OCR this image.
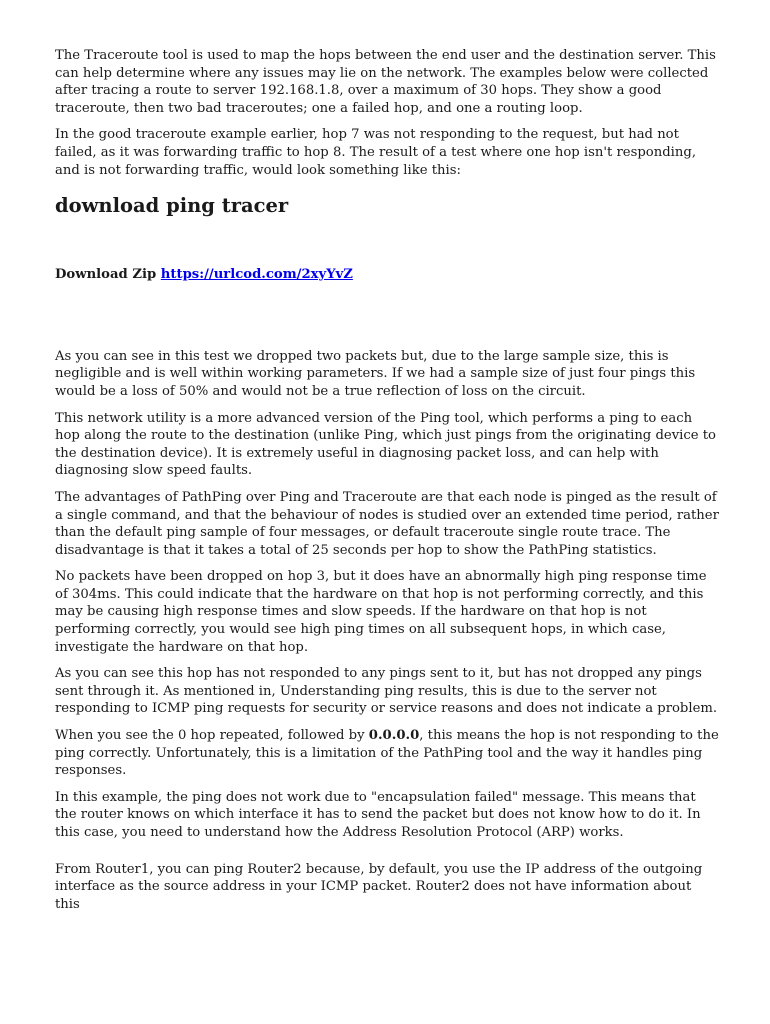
The Traceroute tool is used to map the hops between the end user and the destination server. This can help determine where any issues may lie on the network. The examples below were collected after tracing a route to server 192.168.1.8, over a maximum of 30 hops. They show a good traceroute, then two bad traceroutes; one a failed hop, and one a routing loop.

In the good traceroute example earlier, hop 7 was not responding to the request, but had not failed, as it was forwarding traffic to hop 8. The result of a test where one hop isn't responding, and is not forwarding traffic, would look something like this:

download ping tracer

Download Zip https://urlcod.com/2xyYvZ

As you can see in this test we dropped two packets but, due to the large sample size, this is negligible and is well within working parameters. If we had a sample size of just four pings this would be a loss of 50% and would not be a true reflection of loss on the circuit.

This network utility is a more advanced version of the Ping tool, which performs a ping to each hop along the route to the destination (unlike Ping, which just pings from the originating device to the destination device). It is extremely useful in diagnosing packet loss, and can help with diagnosing slow speed faults.

The advantages of PathPing over Ping and Traceroute are that each node is pinged as the result of a single command, and that the behaviour of nodes is studied over an extended time period, rather than the default ping sample of four messages, or default traceroute single route trace. The disadvantage is that it takes a total of 25 seconds per hop to show the PathPing statistics.

No packets have been dropped on hop 3, but it does have an abnormally high ping response time of 304ms. This could indicate that the hardware on that hop is not performing correctly, and this may be causing high response times and slow speeds. If the hardware on that hop is not performing correctly, you would see high ping times on all subsequent hops, in which case, investigate the hardware on that hop.

As you can see this hop has not responded to any pings sent to it, but has not dropped any pings sent through it. As mentioned in, Understanding ping results, this is due to the server not responding to ICMP ping requests for security or service reasons and does not indicate a problem.

When you see the 0 hop repeated, followed by 0.0.0.0, this means the hop is not responding to the ping correctly. Unfortunately, this is a limitation of the PathPing tool and the way it handles ping responses.

In this example, the ping does not work due to "encapsulation failed" message. This means that the router knows on which interface it has to send the packet but does not know how to do it. In this case, you need to understand how the Address Resolution Protocol (ARP) works.

From Router1, you can ping Router2 because, by default, you use the IP address of the outgoing interface as the source address in your ICMP packet. Router2 does not have information about this
